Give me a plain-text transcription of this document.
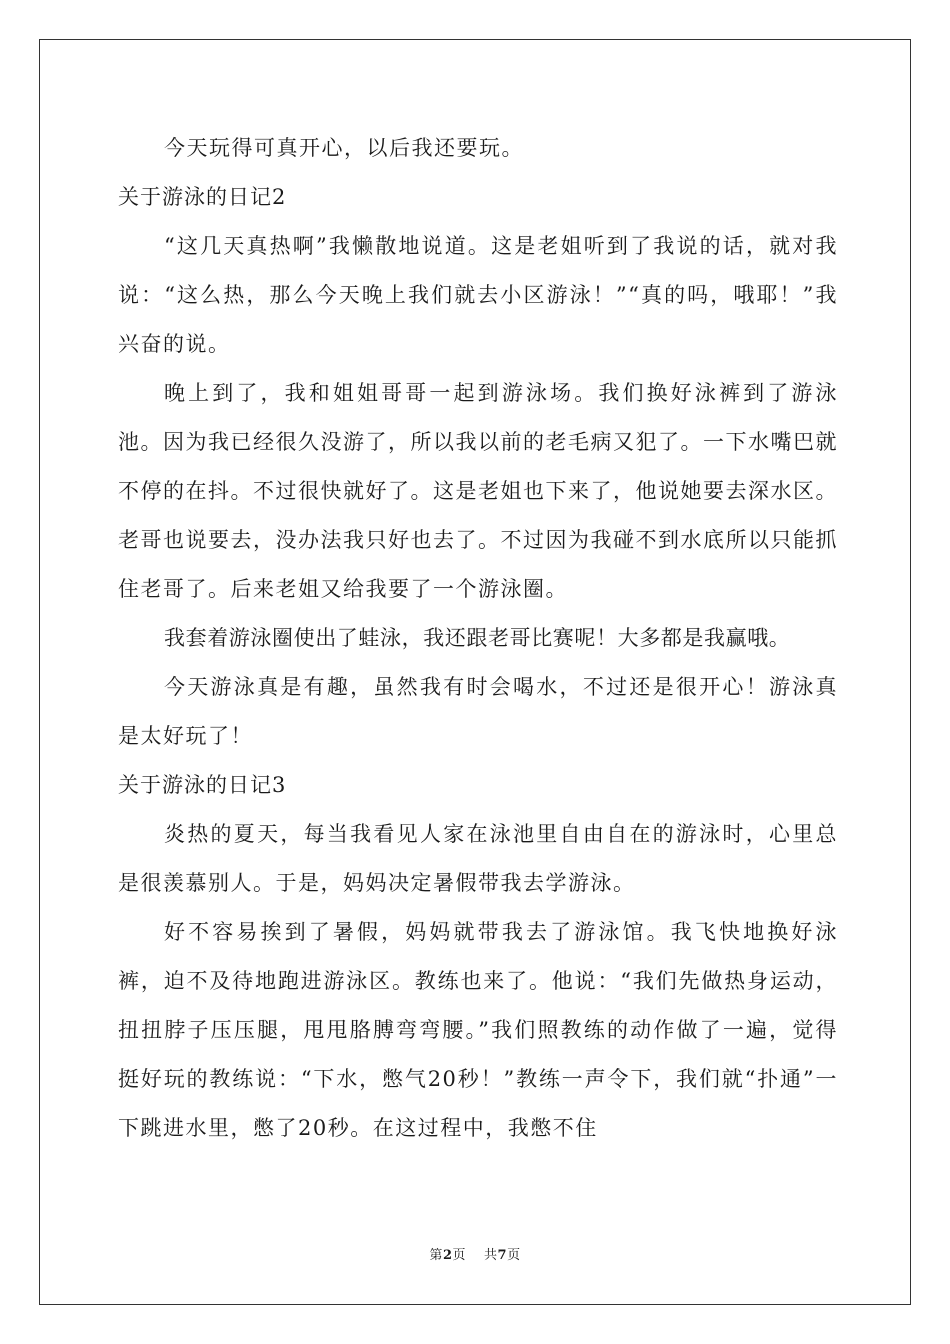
今天玩得可真开心，以后我还要玩。

关于游泳的日记2

“这几天真热啊”我懒散地说道。这是老姐听到了我说的话，就对我说：“这么热，那么今天晚上我们就去小区游泳！”“真的吗，哦耶！”我兴奋的说。

晚上到了，我和姐姐哥哥一起到游泳场。我们换好泳裤到了游泳池。因为我已经很久没游了，所以我以前的老毛病又犯了。一下水嘴巴就不停的在抖。不过很快就好了。这是老姐也下来了，他说她要去深水区。老哥也说要去，没办法我只好也去了。不过因为我碰不到水底所以只能抓住老哥了。后来老姐又给我要了一个游泳圈。

我套着游泳圈使出了蛙泳，我还跟老哥比赛呢！大多都是我赢哦。

今天游泳真是有趣，虽然我有时会喝水，不过还是很开心！游泳真是太好玩了！

关于游泳的日记3

炎热的夏天，每当我看见人家在泳池里自由自在的游泳时，心里总是很羡慕别人。于是，妈妈决定暑假带我去学游泳。

好不容易挨到了暑假，妈妈就带我去了游泳馆。我飞快地换好泳裤，迫不及待地跑进游泳区。教练也来了。他说：“我们先做热身运动，扭扭脖子压压腿，甩甩胳膊弯弯腰。”我们照教练的动作做了一遍，觉得挺好玩的教练说：“下水，憋气20秒！”教练一声令下，我们就“扑通”一下跳进水里，憋了20秒。在这过程中，我憋不住

第2页 共7页
